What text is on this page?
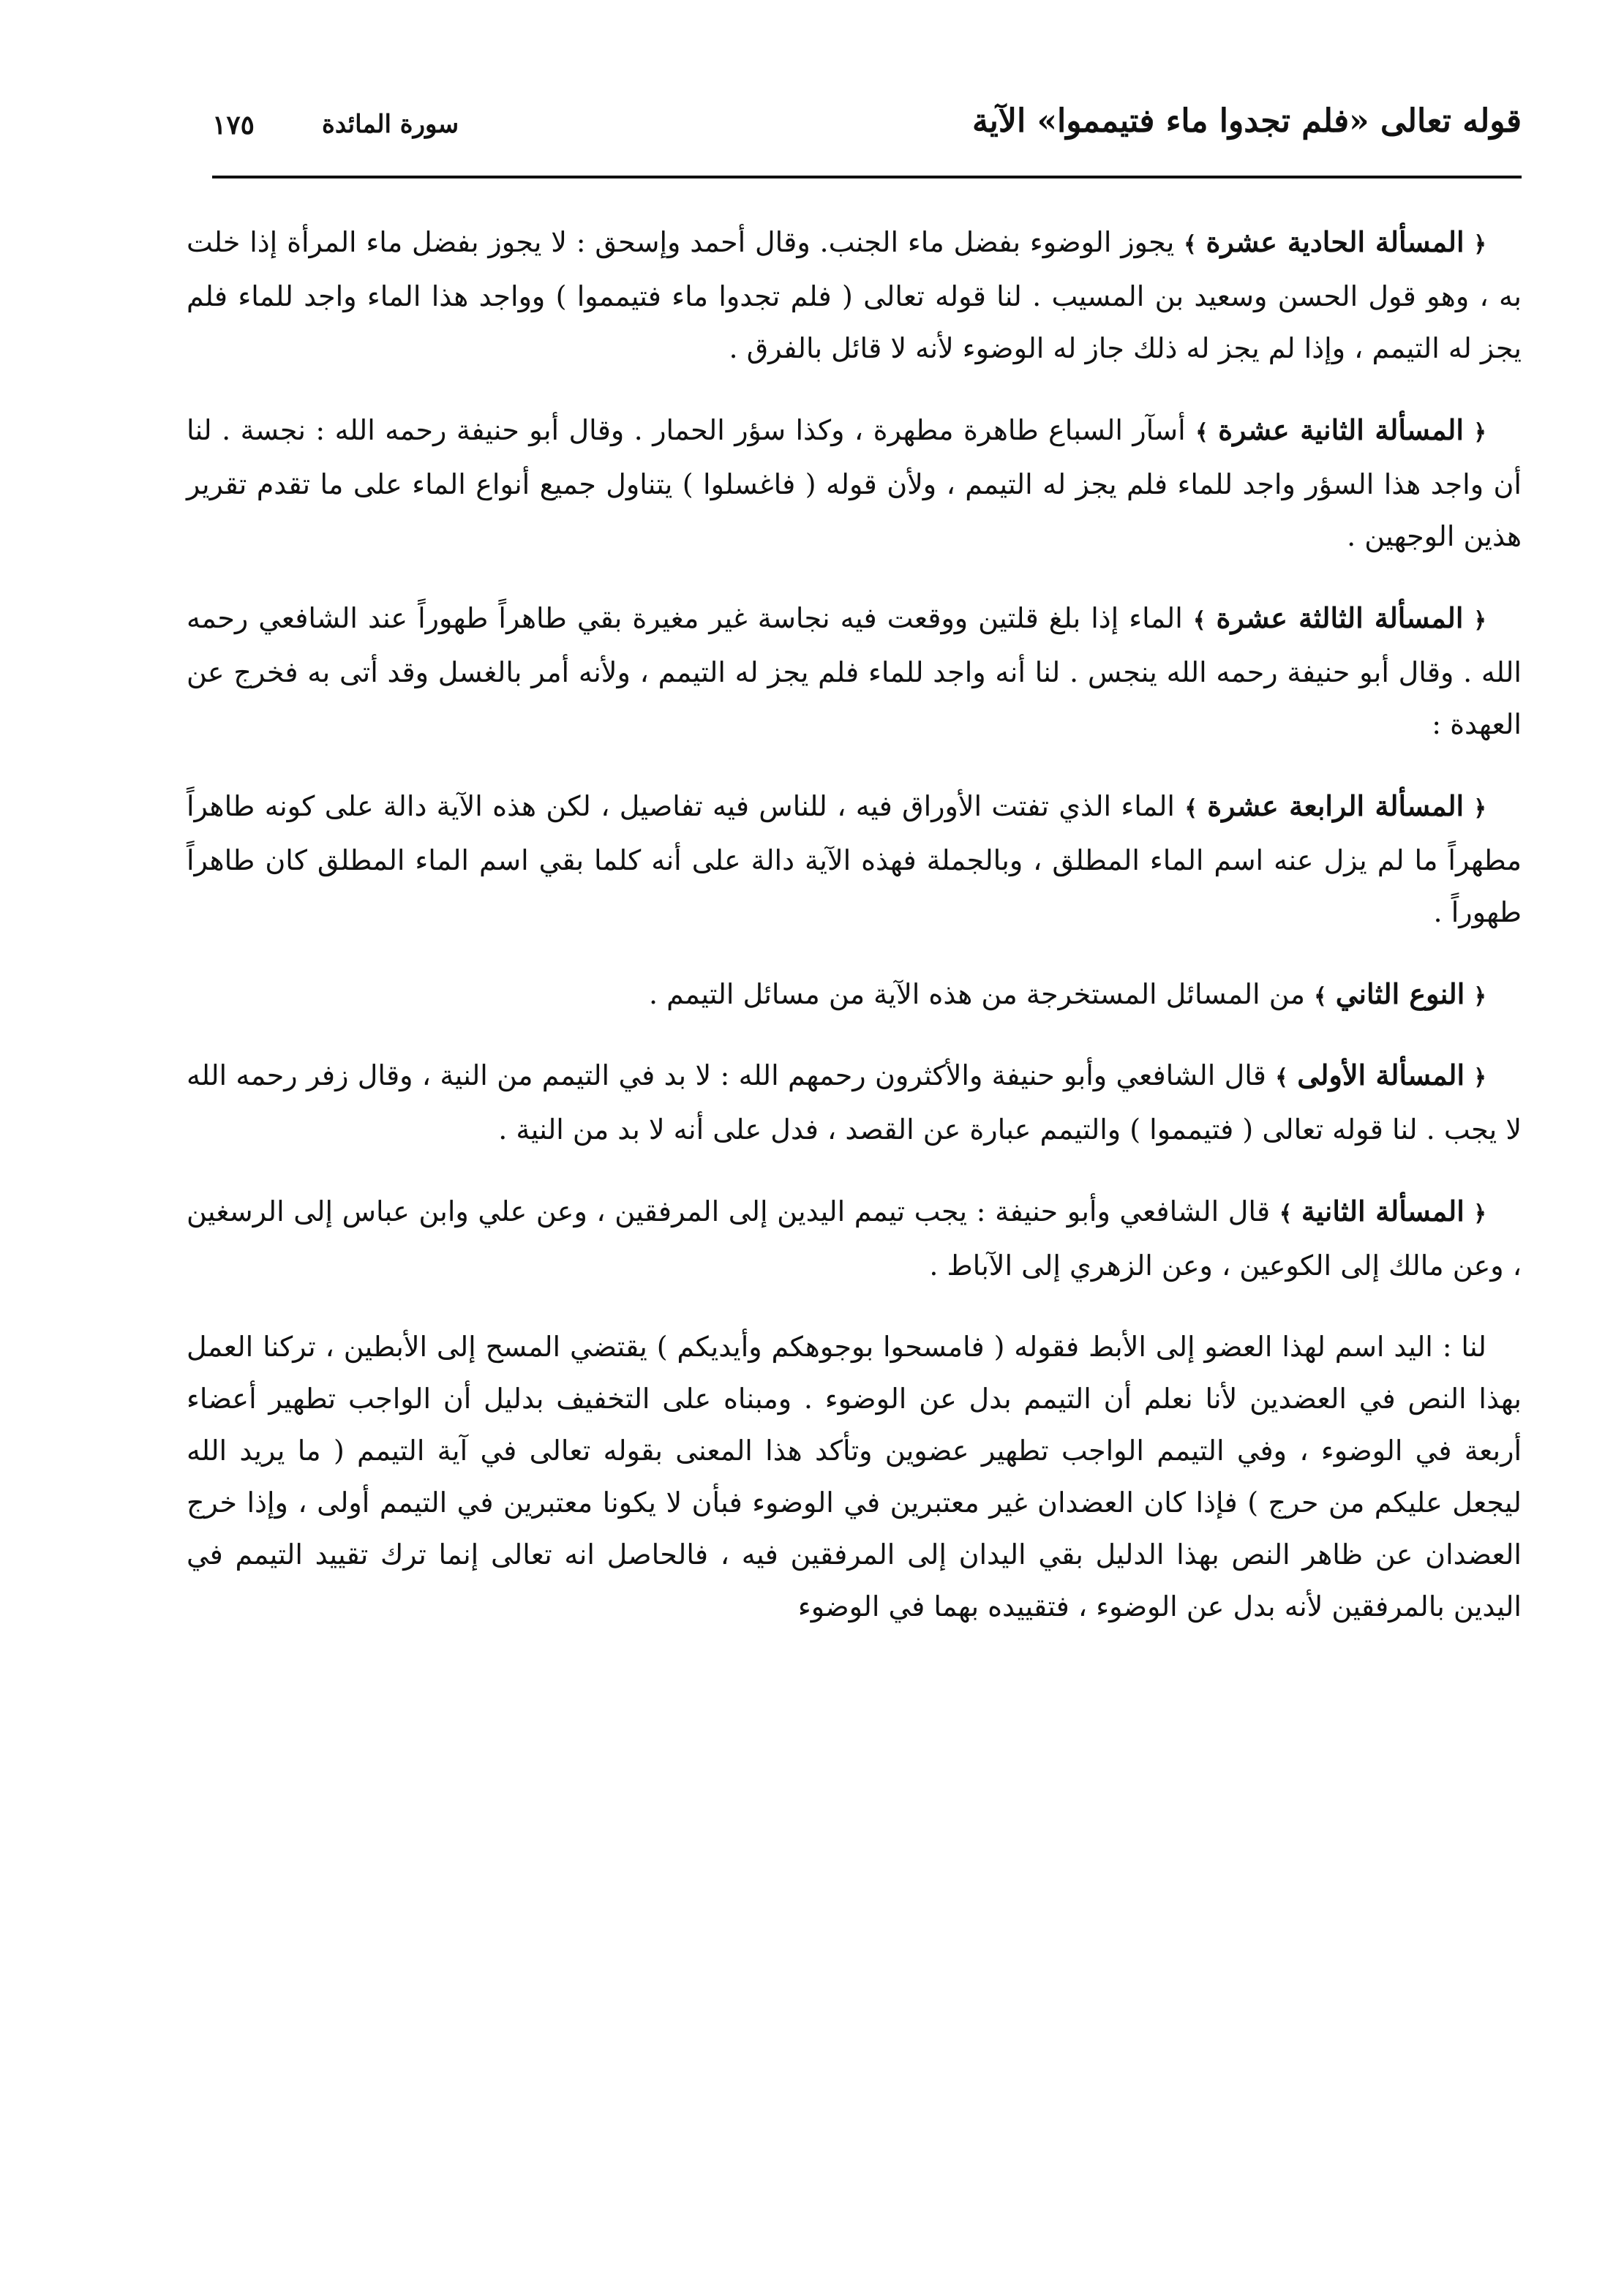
قوله تعالى «فلم تجدوا ماء فتيمموا» الآية
سورة المائدة
١٧٥

﴿ المسألة الحادية عشرة ﴾ يجوز الوضوء بفضل ماء الجنب. وقال أحمد وإسحق : لا يجوز بفضل ماء المرأة إذا خلت به ، وهو قول الحسن وسعيد بن المسيب . لنا قوله تعالى ( فلم تجدوا ماء فتيمموا ) وواجد هذا الماء واجد للماء فلم يجز له التيمم ، وإذا لم يجز له ذلك جاز له الوضوء لأنه لا قائل بالفرق .

﴿ المسألة الثانية عشرة ﴾ أسآر السباع طاهرة مطهرة ، وكذا سؤر الحمار . وقال أبو حنيفة رحمه الله : نجسة . لنا أن واجد هذا السؤر واجد للماء فلم يجز له التيمم ، ولأن قوله ( فاغسلوا ) يتناول جميع أنواع الماء على ما تقدم تقرير هذين الوجهين .

﴿ المسألة الثالثة عشرة ﴾ الماء إذا بلغ قلتين ووقعت فيه نجاسة غير مغيرة بقي طاهراً طهوراً عند الشافعي رحمه الله . وقال أبو حنيفة رحمه الله ينجس . لنا أنه واجد للماء فلم يجز له التيمم ، ولأنه أمر بالغسل وقد أتى به فخرج عن العهدة :

﴿ المسألة الرابعة عشرة ﴾ الماء الذي تفتت الأوراق فيه ، للناس فيه تفاصيل ، لكن هذه الآية دالة على كونه طاهراً مطهراً ما لم يزل عنه اسم الماء المطلق ، وبالجملة فهذه الآية دالة على أنه كلما بقي اسم الماء المطلق كان طاهراً طهوراً .

﴿ النوع الثاني ﴾ من المسائل المستخرجة من هذه الآية من مسائل التيمم .

﴿ المسألة الأولى ﴾ قال الشافعي وأبو حنيفة والأكثرون رحمهم الله : لا بد في التيمم من النية ، وقال زفر رحمه الله لا يجب . لنا قوله تعالى ( فتيمموا ) والتيمم عبارة عن القصد ، فدل على أنه لا بد من النية .

﴿ المسألة الثانية ﴾ قال الشافعي وأبو حنيفة : يجب تيمم اليدين إلى المرفقين ، وعن علي وابن عباس إلى الرسغين ، وعن مالك إلى الكوعين ، وعن الزهري إلى الآباط .

لنا : اليد اسم لهذا العضو إلى الأبط فقوله ( فامسحوا بوجوهكم وأيديكم ) يقتضي المسح إلى الأبطين ، تركنا العمل بهذا النص في العضدين لأنا نعلم أن التيمم بدل عن الوضوء . ومبناه على التخفيف بدليل أن الواجب تطهير أعضاء أربعة في الوضوء ، وفي التيمم الواجب تطهير عضوين وتأكد هذا المعنى بقوله تعالى في آية التيمم ( ما يريد الله ليجعل عليكم من حرج ) فإذا كان العضدان غير معتبرين في الوضوء فبأن لا يكونا معتبرين في التيمم أولى ، وإذا خرج العضدان عن ظاهر النص بهذا الدليل بقي اليدان إلى المرفقين فيه ، فالحاصل انه تعالى إنما ترك تقييد التيمم في اليدين بالمرفقين لأنه بدل عن الوضوء ، فتقييده بهما في الوضوء
